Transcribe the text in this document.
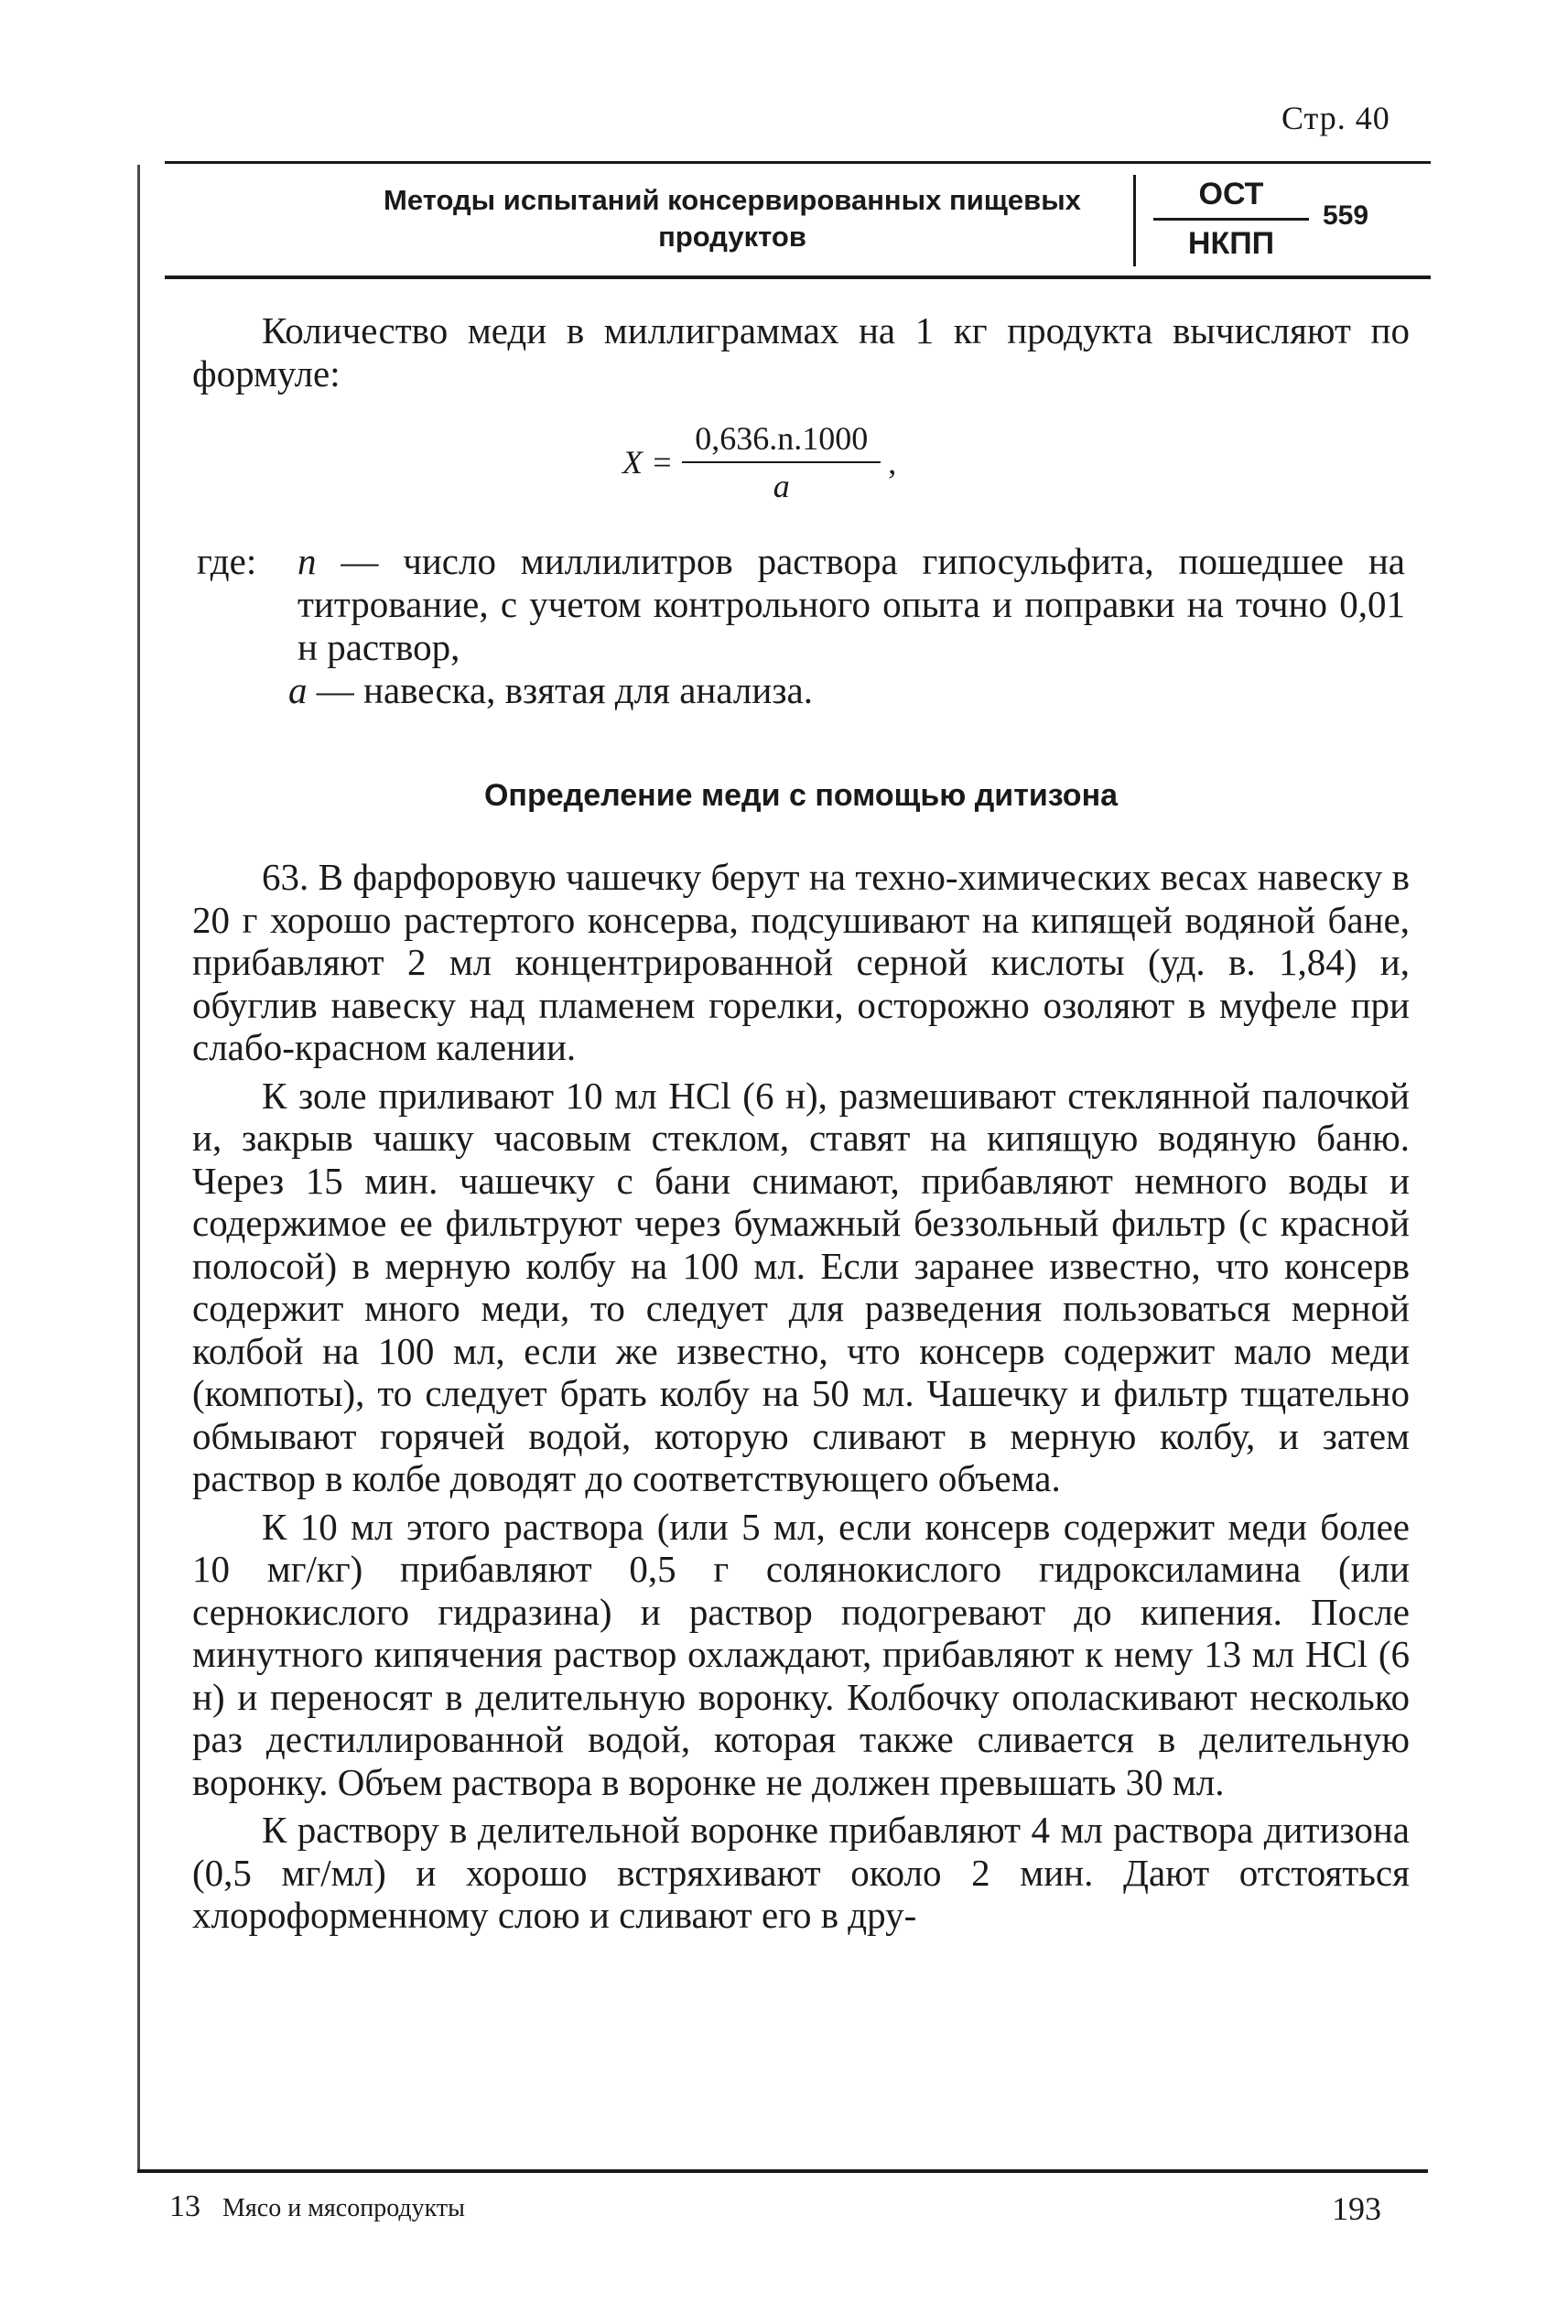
Стр. 40
Методы испытаний консервированных пищевых
продуктов
ОСТ
НКПП
559

Количество меди в миллиграммах на 1 кг продукта вычисляют по формуле:

$X = \frac{0,636.n.1000}{a}$ ,
где:	n — число миллилитров раствора гипосульфита, пошедшее на титрование, с учетом контрольного опыта и поправки на точно 0,01 н раствор,
a — навеска, взятая для анализа.
Определение меди с помощью дитизона

63. В фарфоровую чашечку берут на техно-химических весах навеску в 20 г хорошо растертого консерва, подсушивают на кипящей водяной бане, прибавляют 2 мл концентрированной серной кислоты (уд. в. 1,84) и, обуглив навеску над пламенем горелки, осторожно озоляют в муфеле при слабо-красном калении.

К золе приливают 10 мл HCl (6 н), размешивают стеклянной палочкой и, закрыв чашку часовым стеклом, ставят на кипящую водяную баню. Через 15 мин. чашечку с бани снимают, прибавляют немного воды и содержимое ее фильтруют через бумажный беззольный фильтр (с красной полосой) в мерную колбу на 100 мл. Если заранее известно, что консерв содержит много меди, то следует для разведения пользоваться мерной колбой на 100 мл, если же известно, что консерв содержит мало меди (компоты), то следует брать колбу на 50 мл. Чашечку и фильтр тщательно обмывают горячей водой, которую сливают в мерную колбу, и затем раствор в колбе доводят до соответствующего объема.

К 10 мл этого раствора (или 5 мл, если консерв содержит меди более 10 мг/кг) прибавляют 0,5 г солянокислого гидроксиламина (или сернокислого гидразина) и раствор подогревают до кипения. После минутного кипячения раствор охлаждают, прибавляют к нему 13 мл HCl (6 н) и переносят в делительную воронку. Колбочку ополаскивают несколько раз дестиллированной водой, которая также сливается в делительную воронку. Объем раствора в воронке не должен превышать 30 мл.

К раствору в делительной воронке прибавляют 4 мл раствора дитизона (0,5 мг/мл) и хорошо встряхивают около 2 мин. Дают отстояться хлороформенному слою и сливают его в дру-

13 Мясо и мясопродукты	193
